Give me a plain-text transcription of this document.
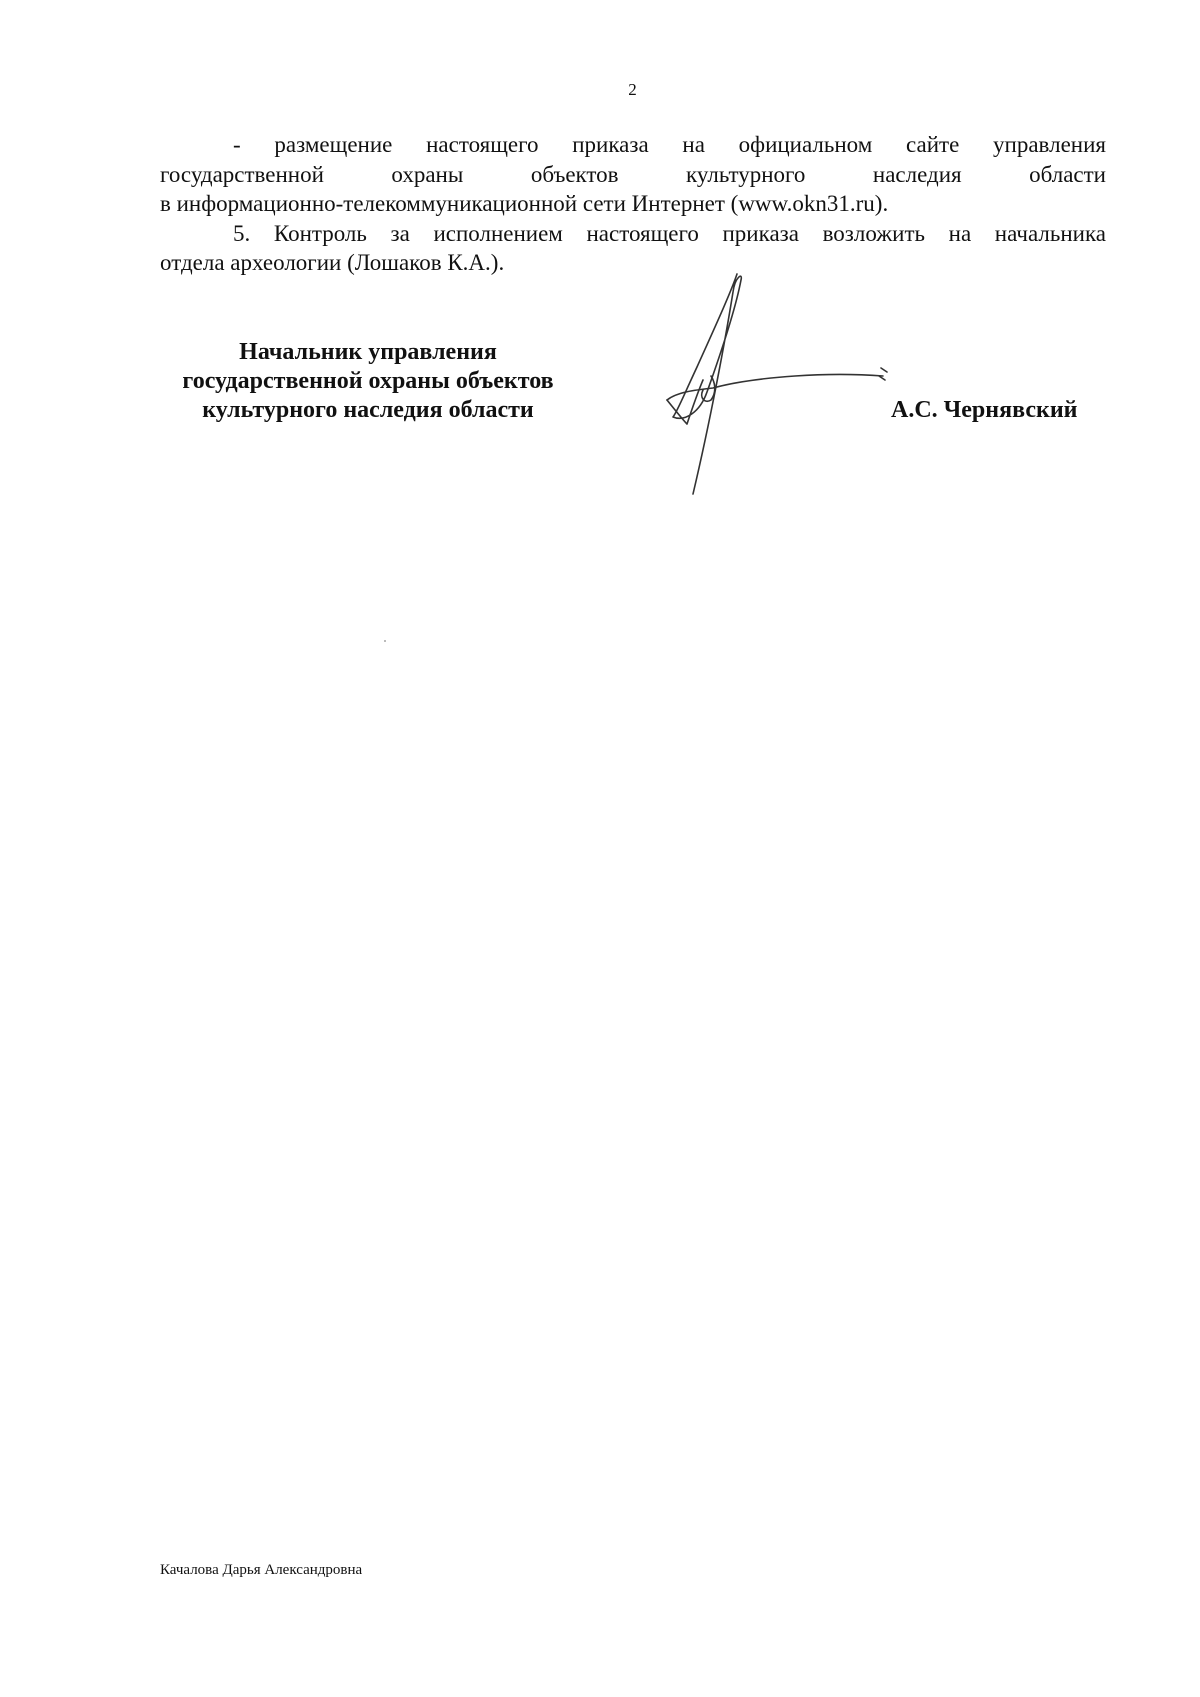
2

- размещение настоящего приказа на официальном сайте управления
государственной охраны объектов культурного наследия области
в информационно-телекоммуникационной сети Интернет (www.okn31.ru).

5. Контроль за исполнением настоящего приказа возложить на начальника
отдела археологии (Лошаков К.А.).

Начальник управления
государственной охраны объектов
культурного наследия области	А.С. Чернявский
Качалова Дарья Александровна
